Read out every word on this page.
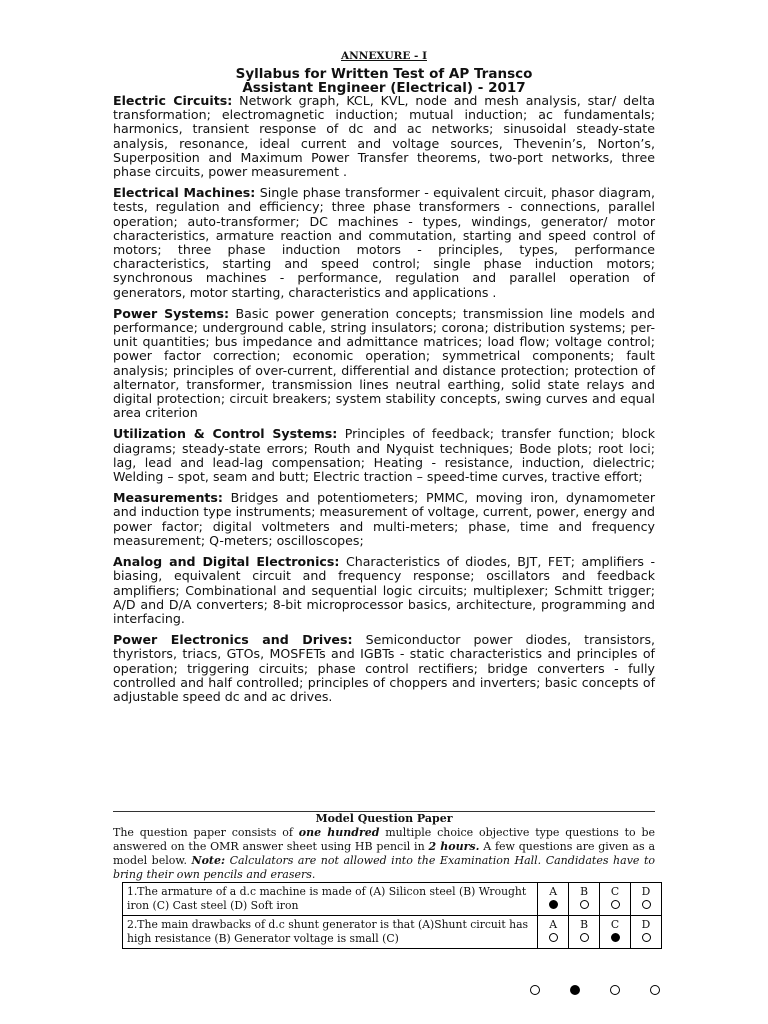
ANNEXURE - I
Syllabus for Written Test of AP Transco
Assistant Engineer (Electrical) - 2017

Electric Circuits: Network graph, KCL, KVL, node and mesh analysis, star/ delta transformation; electromagnetic induction; mutual induction; ac fundamentals; harmonics, transient response of dc and ac networks; sinusoidal steady-state analysis, resonance, ideal current and voltage sources, Thevenin’s, Norton’s, Superposition and Maximum Power Transfer theorems, two-port networks, three phase circuits, power measurement .

Electrical Machines: Single phase transformer - equivalent circuit, phasor diagram, tests, regulation and efficiency; three phase transformers - connections, parallel operation; auto-transformer; DC machines - types, windings, generator/ motor characteristics, armature reaction and commutation, starting and speed control of motors; three phase induction motors - principles, types, performance characteristics, starting and speed control; single phase induction motors; synchronous machines - performance, regulation and parallel operation of generators, motor starting, characteristics and applications .

Power Systems: Basic power generation concepts; transmission line models and performance; underground cable, string insulators; corona; distribution systems; per-unit quantities; bus impedance and admittance matrices; load flow; voltage control; power factor correction; economic operation; symmetrical components; fault analysis; principles of over-current, differential and distance protection; protection of alternator, transformer, transmission lines neutral earthing, solid state relays and digital protection; circuit breakers; system stability concepts, swing curves and equal area criterion

Utilization & Control Systems: Principles of feedback; transfer function; block diagrams; steady-state errors; Routh and Nyquist techniques; Bode plots; root loci; lag, lead and lead-lag compensation; Heating - resistance, induction, dielectric; Welding – spot, seam and butt; Electric traction – speed-time curves, tractive effort;

Measurements: Bridges and potentiometers; PMMC, moving iron, dynamometer and induction type instruments; measurement of voltage, current, power, energy and power factor; digital voltmeters and multi-meters; phase, time and frequency measurement; Q-meters; oscilloscopes;

Analog and Digital Electronics: Characteristics of diodes, BJT, FET; amplifiers - biasing, equivalent circuit and frequency response; oscillators and feedback amplifiers; Combinational and sequential logic circuits; multiplexer; Schmitt trigger; A/D and D/A converters; 8-bit microprocessor basics, architecture, programming and interfacing.

Power Electronics and Drives: Semiconductor power diodes, transistors, thyristors, triacs, GTOs, MOSFETs and IGBTs - static characteristics and principles of operation; triggering circuits; phase control rectifiers; bridge converters - fully controlled and half controlled; principles of choppers and inverters; basic concepts of adjustable speed dc and ac drives.

Model Question Paper
The question paper consists of one hundred multiple choice objective type questions to be answered on the OMR answer sheet using HB pencil in 2 hours. A few questions are given as a model below. Note: Calculators are not allowed into the Examination Hall. Candidates have to bring their own pencils and erasers.
1.The armature of a d.c machine is made of (A) Silicon steel (B) Wrought iron (C) Cast steel (D) Soft iron	A	B	C	D

2.The main drawbacks of d.c shunt generator is that (A)Shunt circuit has high resistance (B) Generator voltage is small (C)	A	B	C	D
